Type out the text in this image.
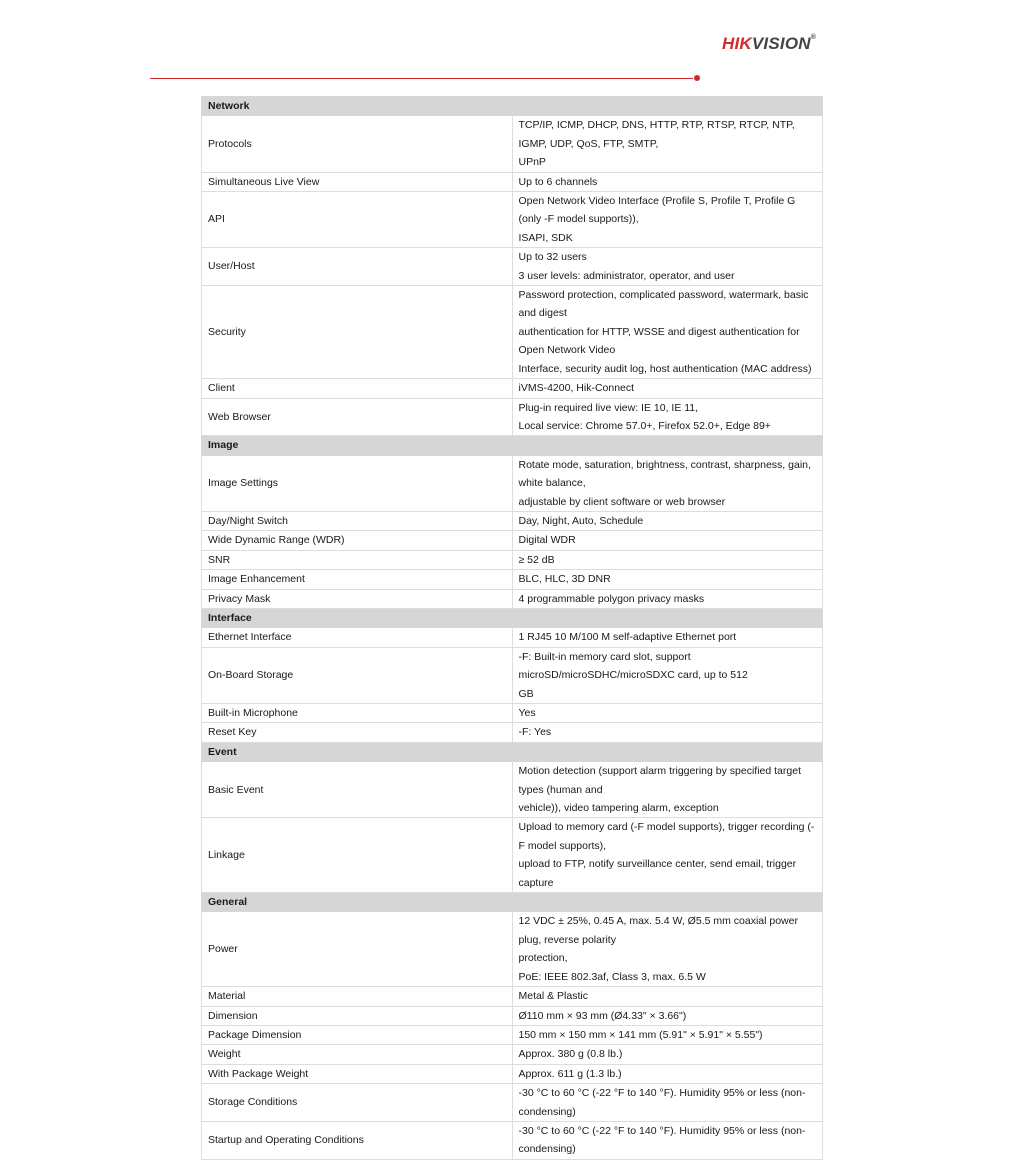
HIKVISION®
Network	
Protocols	TCP/IP, ICMP, DHCP, DNS, HTTP, RTP, RTSP, RTCP, NTP, IGMP, UDP, QoS, FTP, SMTP,
UPnP

Simultaneous Live View	Up to 6 channels

API	Open Network Video Interface (Profile S, Profile T, Profile G (only -F model supports)),
ISAPI, SDK

User/Host	Up to 32 users
3 user levels: administrator, operator, and user

Security	Password protection, complicated password, watermark, basic and digest
authentication for HTTP, WSSE and digest authentication for Open Network Video
Interface, security audit log, host authentication (MAC address)

Client	iVMS-4200, Hik-Connect

Web Browser	Plug-in required live view: IE 10, IE 11,
Local service: Chrome 57.0+, Firefox 52.0+, Edge 89+

Image	
Image Settings	Rotate mode, saturation, brightness, contrast, sharpness, gain, white balance,
adjustable by client software or web browser

Day/Night Switch	Day, Night, Auto, Schedule

Wide Dynamic Range (WDR)	Digital WDR

SNR	≥ 52 dB

Image Enhancement	BLC, HLC, 3D DNR

Privacy Mask	4 programmable polygon privacy masks

Interface	
Ethernet Interface	1 RJ45 10 M/100 M self-adaptive Ethernet port

On-Board Storage	-F: Built-in memory card slot, support microSD/microSDHC/microSDXC card, up to 512
GB

Built-in Microphone	Yes

Reset Key	-F: Yes

Event	
Basic Event	Motion detection (support alarm triggering by specified target types (human and
vehicle)), video tampering alarm, exception

Linkage	Upload to memory card (-F model supports), trigger recording (-F model supports),
upload to FTP, notify surveillance center, send email, trigger capture

General	
Power	12 VDC ± 25%, 0.45 A, max. 5.4 W, Ø5.5 mm coaxial power plug, reverse polarity
protection,
PoE: IEEE 802.3af, Class 3, max. 6.5 W

Material	Metal & Plastic

Dimension	Ø110 mm × 93 mm (Ø4.33" × 3.66")

Package Dimension	150 mm × 150 mm × 141 mm (5.91" × 5.91" × 5.55")

Weight	Approx. 380 g (0.8 lb.)

With Package Weight	Approx. 611 g (1.3 lb.)

Storage Conditions	-30 °C to 60 °C (-22 °F to 140 °F). Humidity 95% or less (non-condensing)

Startup and Operating Conditions	-30 °C to 60 °C (-22 °F to 140 °F). Humidity 95% or less (non-condensing)
